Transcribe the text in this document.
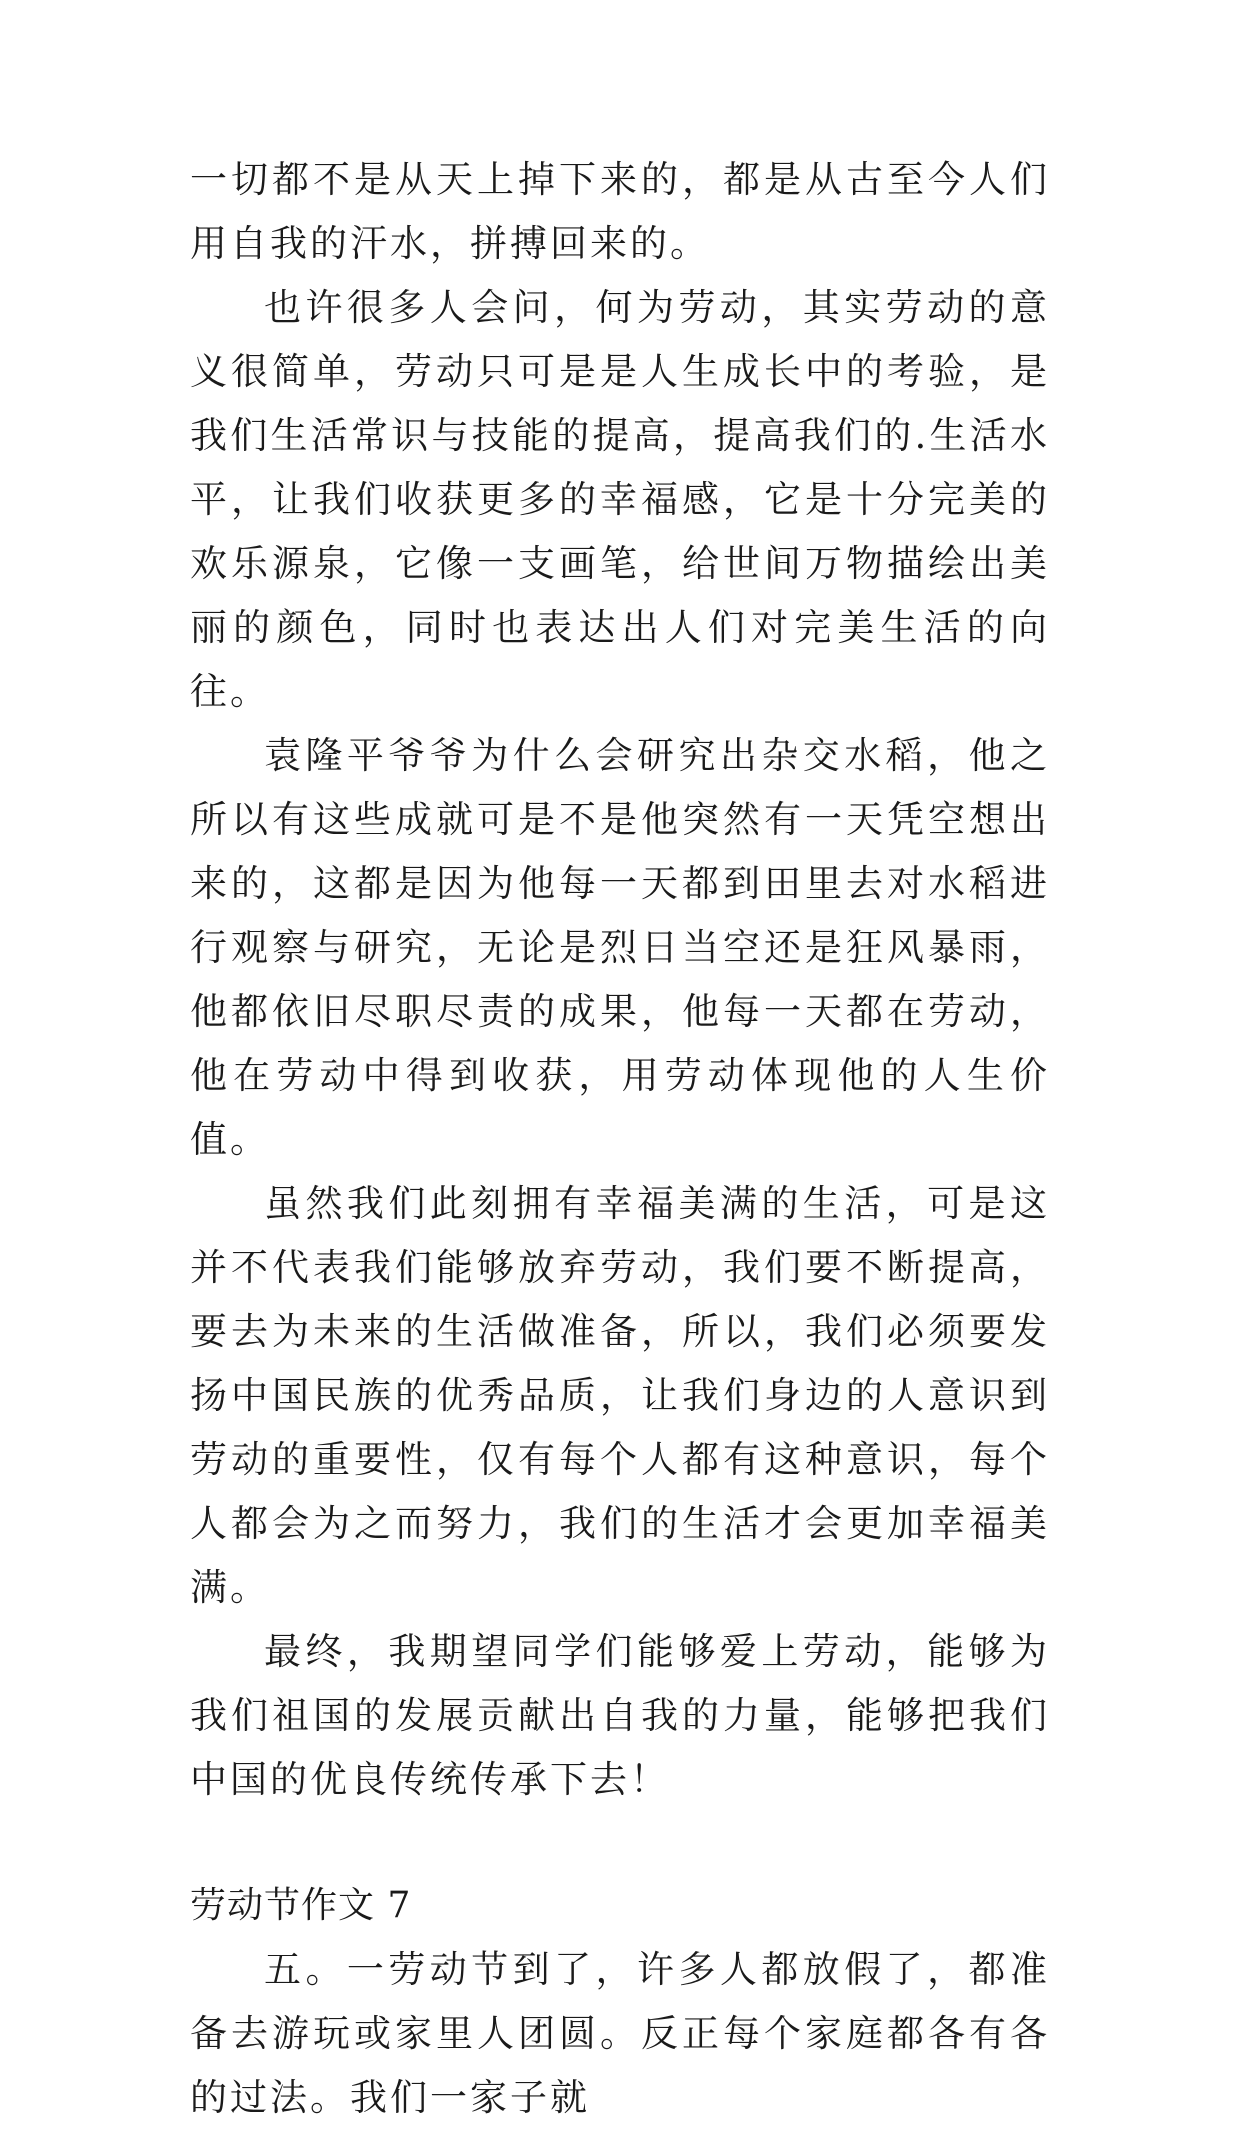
一切都不是从天上掉下来的，都是从古至今人们用自我的汗水，拼搏回来的。

也许很多人会问，何为劳动，其实劳动的意义很简单，劳动只可是是人生成长中的考验，是我们生活常识与技能的提高，提高我们的.生活水平，让我们收获更多的幸福感，它是十分完美的欢乐源泉，它像一支画笔，给世间万物描绘出美丽的颜色，同时也表达出人们对完美生活的向往。

袁隆平爷爷为什么会研究出杂交水稻，他之所以有这些成就可是不是他突然有一天凭空想出来的，这都是因为他每一天都到田里去对水稻进行观察与研究，无论是烈日当空还是狂风暴雨，他都依旧尽职尽责的成果，他每一天都在劳动，他在劳动中得到收获，用劳动体现他的人生价值。

虽然我们此刻拥有幸福美满的生活，可是这并不代表我们能够放弃劳动，我们要不断提高，要去为未来的生活做准备，所以，我们必须要发扬中国民族的优秀品质，让我们身边的人意识到劳动的重要性，仅有每个人都有这种意识，每个人都会为之而努力，我们的生活才会更加幸福美满。

最终，我期望同学们能够爱上劳动，能够为我们祖国的发展贡献出自我的力量，能够把我们中国的优良传统传承下去！

劳动节作文 7

五。一劳动节到了，许多人都放假了，都准备去游玩或家里人团圆。反正每个家庭都各有各的过法。我们一家子就
